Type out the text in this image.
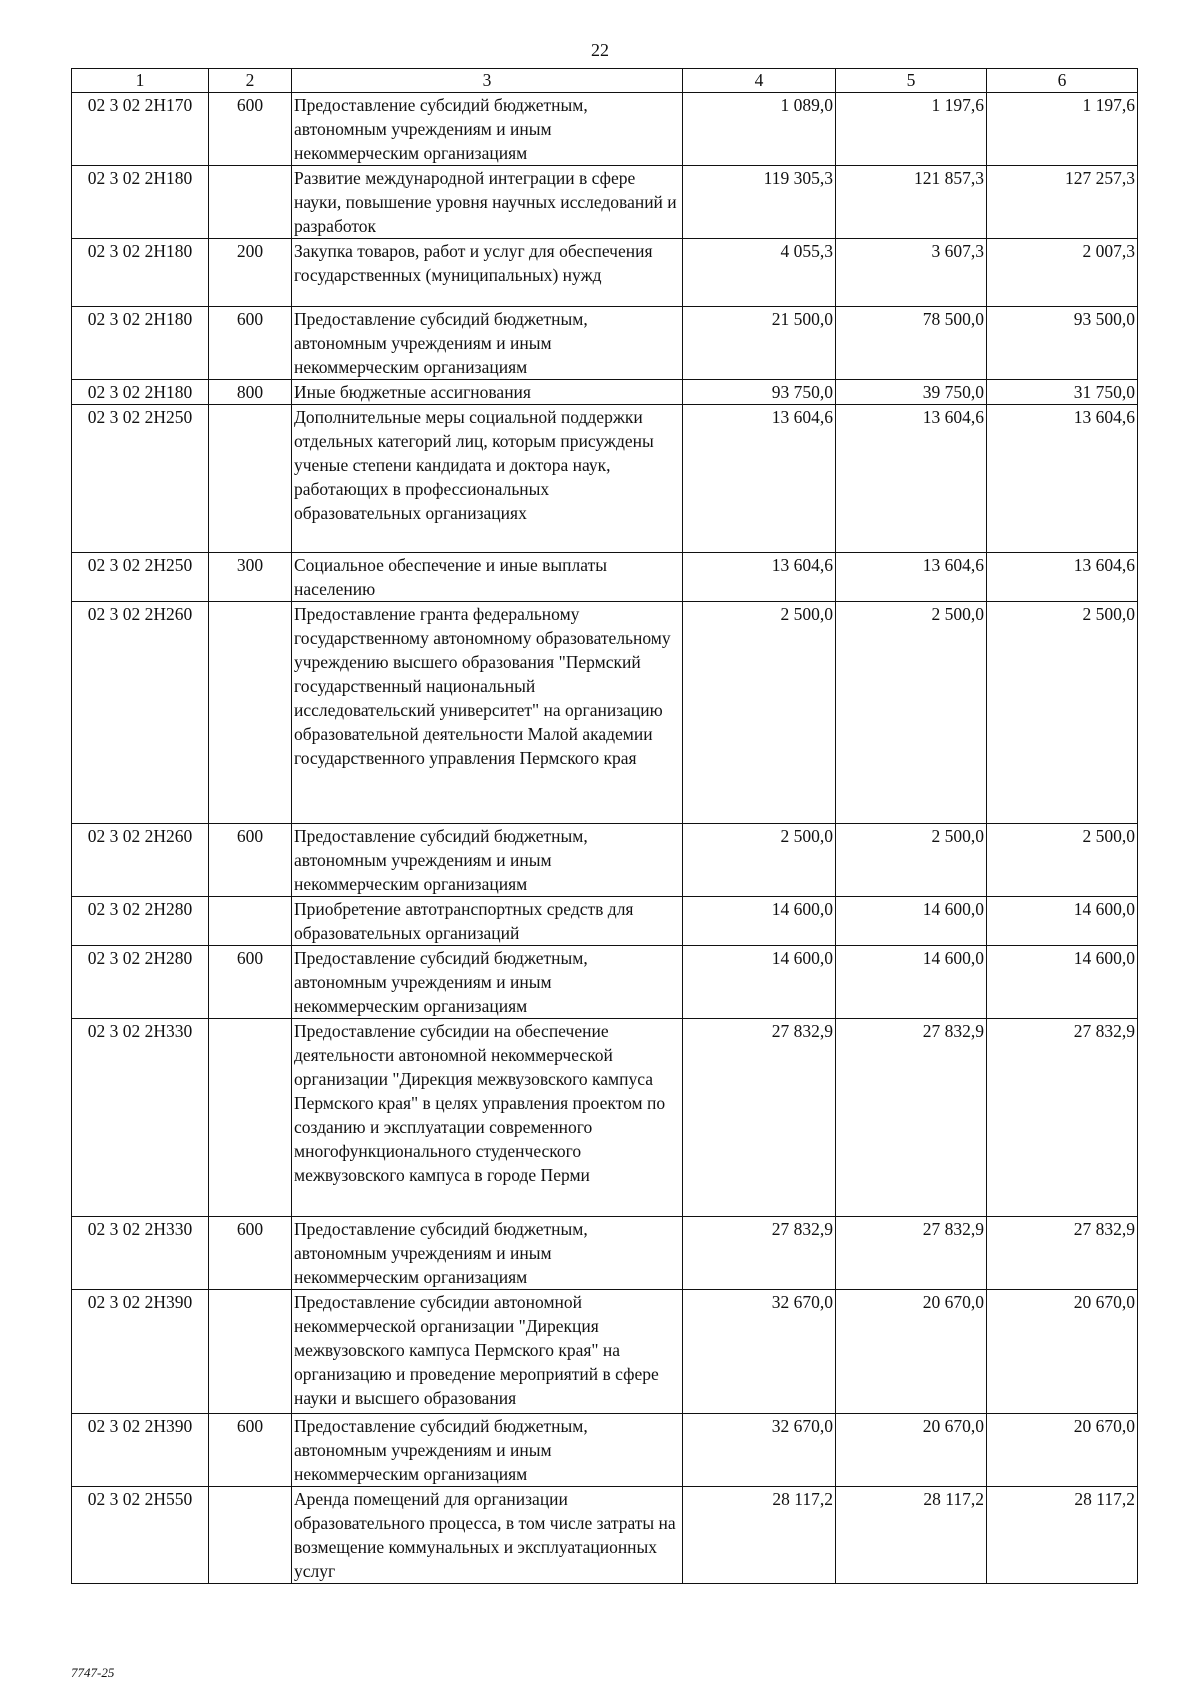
22
1	2	3	4	5	6
02 3 02 2Н170	600	Предоставление субсидий бюджетным, автономным учреждениям и иным некоммерческим организациям	1 089,0	1 197,6	1 197,6
02 3 02 2Н180		Развитие международной интеграции в сфере науки, повышение уровня научных исследований и разработок	119 305,3	121 857,3	127 257,3
02 3 02 2Н180	200	Закупка товаров, работ и услуг для обеспечения государственных (муниципальных) нужд	4 055,3	3 607,3	2 007,3
02 3 02 2Н180	600	Предоставление субсидий бюджетным, автономным учреждениям и иным некоммерческим организациям	21 500,0	78 500,0	93 500,0
02 3 02 2Н180	800	Иные бюджетные ассигнования	93 750,0	39 750,0	31 750,0
02 3 02 2Н250		Дополнительные меры социальной поддержки отдельных категорий лиц, которым присуждены ученые степени кандидата и доктора наук, работающих в профессиональных образовательных организациях	13 604,6	13 604,6	13 604,6
02 3 02 2Н250	300	Социальное обеспечение и иные выплаты населению	13 604,6	13 604,6	13 604,6
02 3 02 2Н260		Предоставление гранта федеральному государственному автономному образовательному учреждению высшего образования "Пермский государственный национальный исследовательский университет" на организацию образовательной деятельности Малой академии государственного управления Пермского края	2 500,0	2 500,0	2 500,0
02 3 02 2Н260	600	Предоставление субсидий бюджетным, автономным учреждениям и иным некоммерческим организациям	2 500,0	2 500,0	2 500,0
02 3 02 2Н280		Приобретение автотранспортных средств для образовательных организаций	14 600,0	14 600,0	14 600,0
02 3 02 2Н280	600	Предоставление субсидий бюджетным, автономным учреждениям и иным некоммерческим организациям	14 600,0	14 600,0	14 600,0
02 3 02 2Н330		Предоставление субсидии на обеспечение деятельности автономной некоммерческой организации "Дирекция межвузовского кампуса Пермского края" в целях управления проектом по созданию и эксплуатации современного многофункционального студенческого межвузовского кампуса в городе Перми	27 832,9	27 832,9	27 832,9
02 3 02 2Н330	600	Предоставление субсидий бюджетным, автономным учреждениям и иным некоммерческим организациям	27 832,9	27 832,9	27 832,9
02 3 02 2Н390		Предоставление субсидии автономной некоммерческой организации "Дирекция межвузовского кампуса Пермского края" на организацию и проведение мероприятий в сфере науки и высшего образования	32 670,0	20 670,0	20 670,0
02 3 02 2Н390	600	Предоставление субсидий бюджетным, автономным учреждениям и иным некоммерческим организациям	32 670,0	20 670,0	20 670,0
02 3 02 2Н550		Аренда помещений для организации образовательного процесса, в том числе затраты на возмещение коммунальных и эксплуатационных услуг	28 117,2	28 117,2	28 117,2
7747-25
